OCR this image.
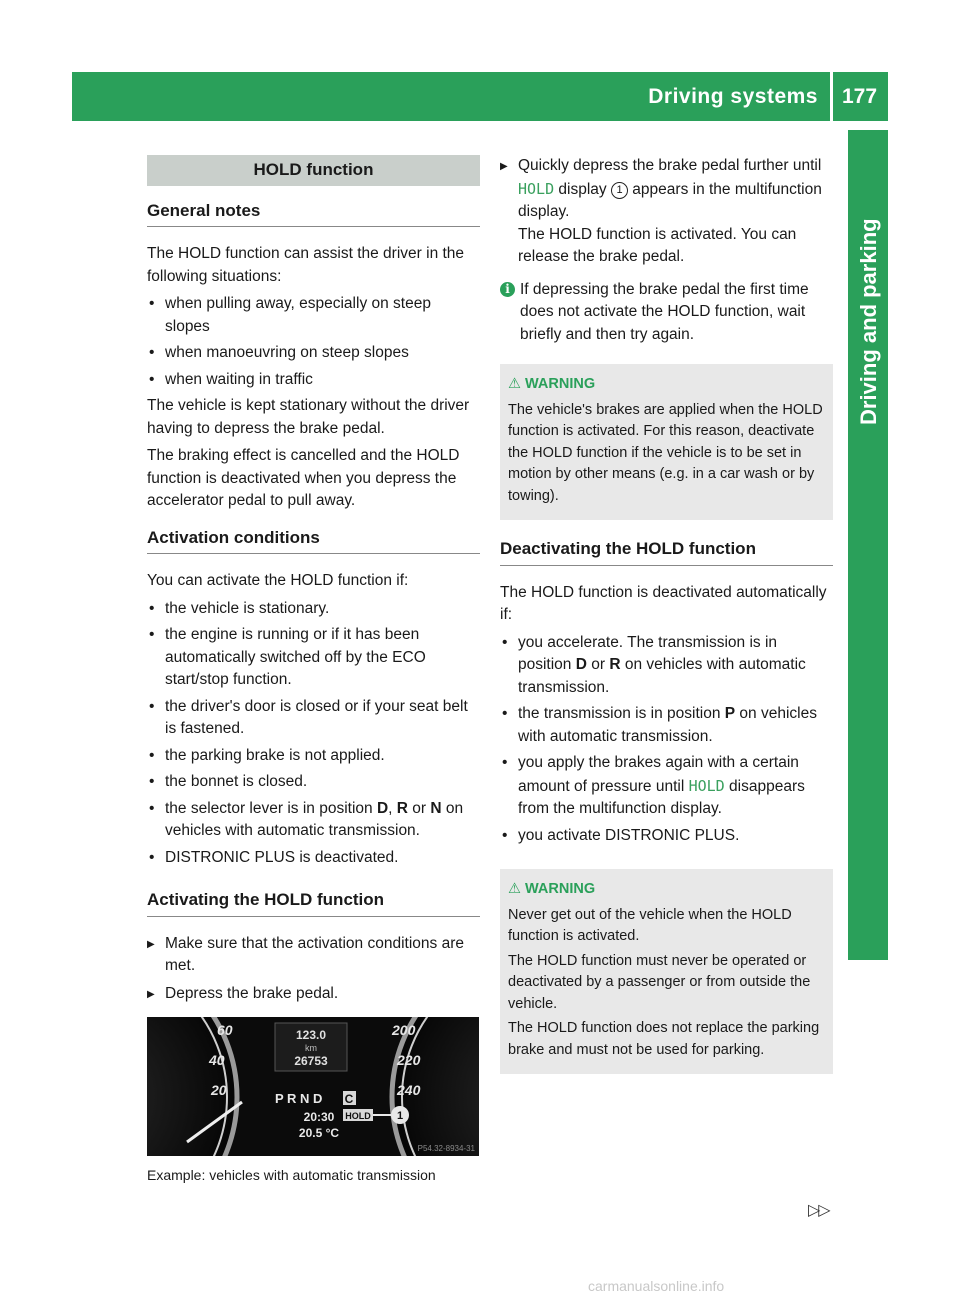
Driving systems 177
Driving and parking
HOLD function
General notes

The HOLD function can assist the driver in the following situations:

• when pulling away, especially on steep slopes
• when manoeuvring on steep slopes
• when waiting in traffic

The vehicle is kept stationary without the driver having to depress the brake pedal.

The braking effect is cancelled and the HOLD function is deactivated when you depress the accelerator pedal to pull away.

Activation conditions

You can activate the HOLD function if:

• the vehicle is stationary.
• the engine is running or if it has been automatically switched off by the ECO start/stop function.
• the driver's door is closed or if your seat belt is fastened.
• the parking brake is not applied.
• the bonnet is closed.
• the selector lever is in position D, R or N on vehicles with automatic transmission.
• DISTRONIC PLUS is deactivated.
Activating the HOLD function
▶ Make sure that the activation conditions are met.
▶ Depress the brake pedal.
123.0
km
26753
60
40
20
200
220
240
P R N D C
20:30
20.5 °C
HOLD 1
P54.32-8934-31
Example: vehicles with automatic transmission
▶ Quickly depress the brake pedal further until HOLD display 1 appears in the multifunction display.
The HOLD function is activated. You can release the brake pedal.
• i If depressing the brake pedal the first time does not activate the HOLD function, wait briefly and then try again.
⚠ WARNING

The vehicle's brakes are applied when the HOLD function is activated. For this reason, deactivate the HOLD function if the vehicle is to be set in motion by other means (e.g. in a car wash or by towing).

Deactivating the HOLD function

The HOLD function is deactivated automatically if:

• you accelerate. The transmission is in position D or R on vehicles with automatic transmission.
• the transmission is in position P on vehicles with automatic transmission.
• you apply the brakes again with a certain amount of pressure until HOLD disappears from the multifunction display.
• you activate DISTRONIC PLUS.
⚠ WARNING

Never get out of the vehicle when the HOLD function is activated.

The HOLD function must never be operated or deactivated by a passenger or from outside the vehicle.

The HOLD function does not replace the parking brake and must not be used for parking.

▷▷
carmanualsonline.info
